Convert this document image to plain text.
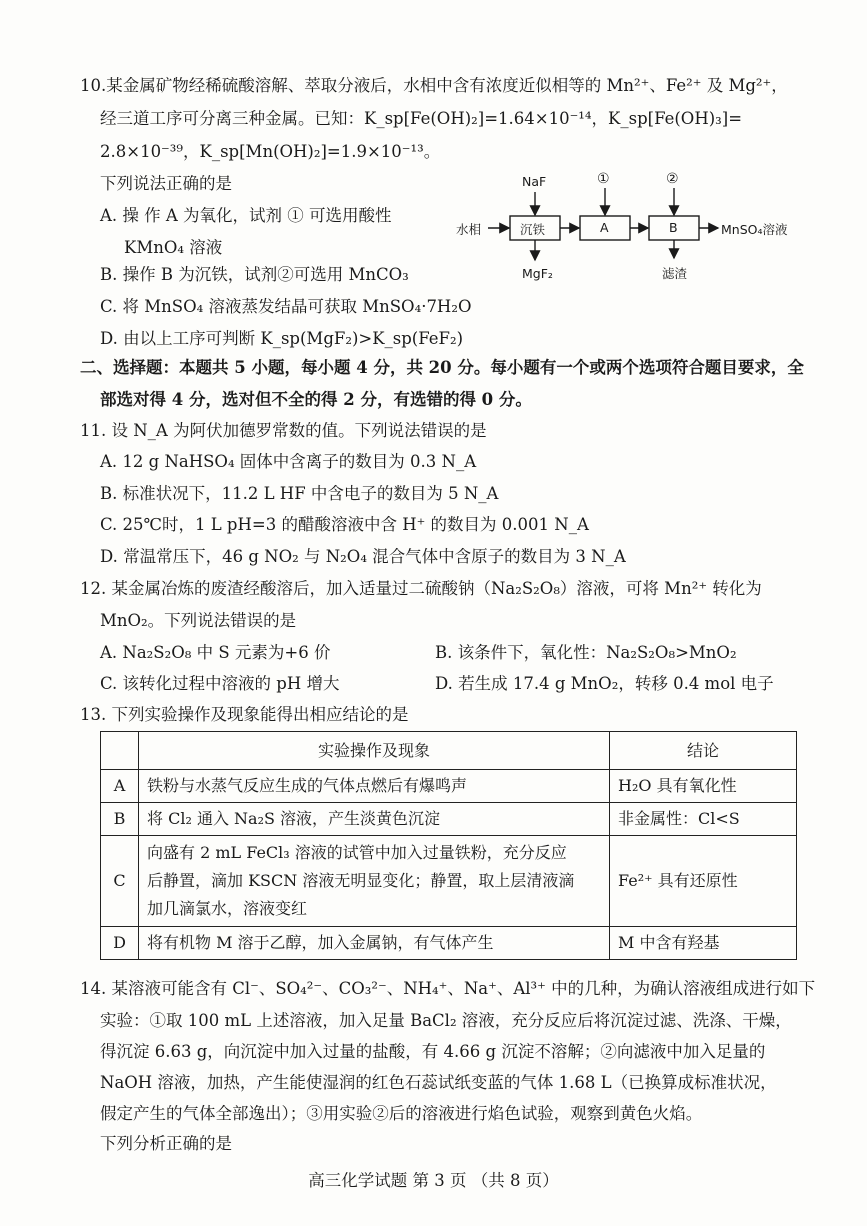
10.某金属矿物经稀硫酸溶解、萃取分液后，水相中含有浓度近似相等的 Mn²⁺、Fe²⁺ 及 Mg²⁺，
经三道工序可分离三种金属。已知：K_sp[Fe(OH)₂]=1.64×10⁻¹⁴，K_sp[Fe(OH)₃]=
2.8×10⁻³⁹，K_sp[Mn(OH)₂]=1.9×10⁻¹³。
下列说法正确的是
A. 操 作 A 为氧化，试剂 ① 可选用酸性
KMnO₄ 溶液
B. 操作 B 为沉铁，试剂②可选用 MnCO₃
C. 将 MnSO₄ 溶液蒸发结晶可获取 MnSO₄·7H₂O
D. 由以上工序可判断 K_sp(MgF₂)>K_sp(FeF₂)
NaF	①	②
水相	沉铁	A	B	MnSO₄溶液
MgF₂	滤渣
二、选择题：本题共 5 小题，每小题 4 分，共 20 分。每小题有一个或两个选项符合题目要求，全
部选对得 4 分，选对但不全的得 2 分，有选错的得 0 分。
11. 设 N_A 为阿伏加德罗常数的值。下列说法错误的是
A. 12 g NaHSO₄ 固体中含离子的数目为 0.3 N_A
B. 标准状况下，11.2 L HF 中含电子的数目为 5 N_A
C. 25℃时，1 L pH=3 的醋酸溶液中含 H⁺ 的数目为 0.001 N_A
D. 常温常压下，46 g NO₂ 与 N₂O₄ 混合气体中含原子的数目为 3 N_A
12. 某金属冶炼的废渣经酸溶后，加入适量过二硫酸钠（Na₂S₂O₈）溶液，可将 Mn²⁺ 转化为
MnO₂。下列说法错误的是
A. Na₂S₂O₈ 中 S 元素为+6 价	B. 该条件下，氧化性：Na₂S₂O₈>MnO₂
C. 该转化过程中溶液的 pH 增大	D. 若生成 17.4 g MnO₂，转移 0.4 mol 电子
13. 下列实验操作及现象能得出相应结论的是
	实验操作及现象	结论
A	铁粉与水蒸气反应生成的气体点燃后有爆鸣声	H₂O 具有氧化性
B	将 Cl₂ 通入 Na₂S 溶液，产生淡黄色沉淀	非金属性：Cl<S
C	向盛有 2 mL FeCl₃ 溶液的试管中加入过量铁粉，充分反应
后静置，滴加 KSCN 溶液无明显变化；静置，取上层清液滴
加几滴氯水，溶液变红	Fe²⁺ 具有还原性
D	将有机物 M 溶于乙醇，加入金属钠，有气体产生	M 中含有羟基
14. 某溶液可能含有 Cl⁻、SO₄²⁻、CO₃²⁻、NH₄⁺、Na⁺、Al³⁺ 中的几种，为确认溶液组成进行如下
实验：①取 100 mL 上述溶液，加入足量 BaCl₂ 溶液，充分反应后将沉淀过滤、洗涤、干燥，
得沉淀 6.63 g，向沉淀中加入过量的盐酸，有 4.66 g 沉淀不溶解；②向滤液中加入足量的
NaOH 溶液，加热，产生能使湿润的红色石蕊试纸变蓝的气体 1.68 L（已换算成标准状况，
假定产生的气体全部逸出）；③用实验②后的溶液进行焰色试验，观察到黄色火焰。
下列分析正确的是
高三化学试题 第 3 页 （共 8 页）
